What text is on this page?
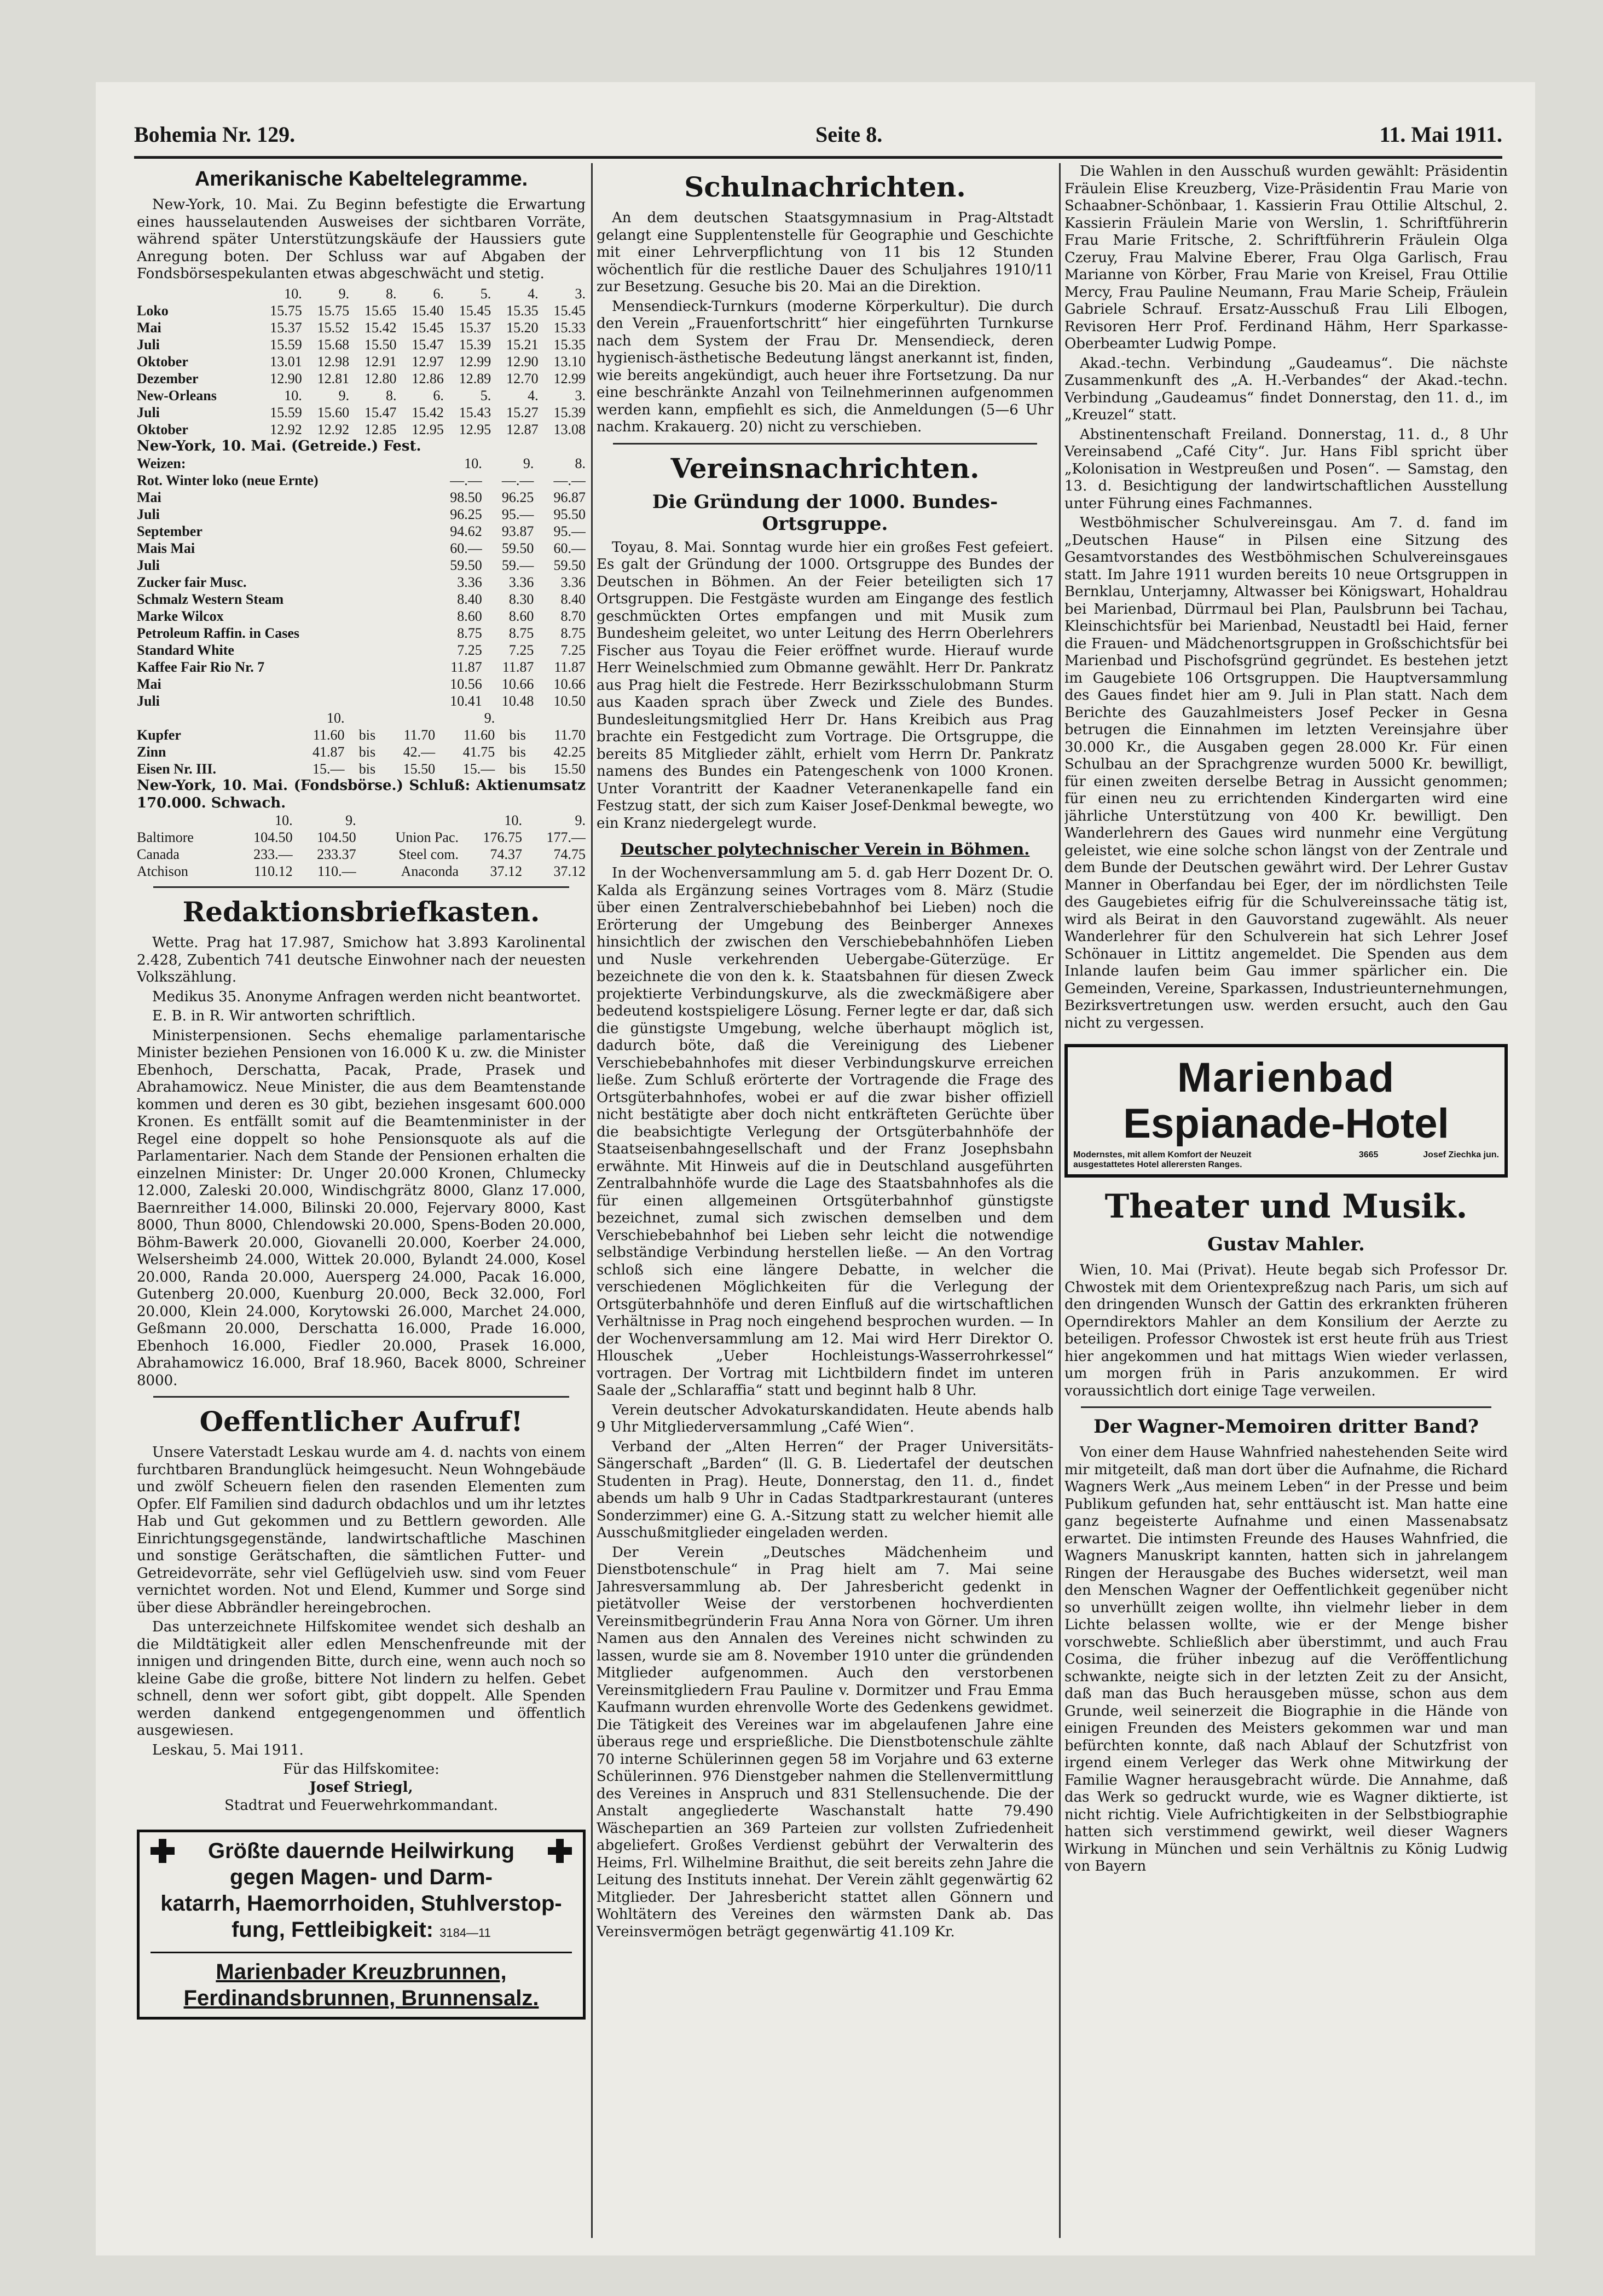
Bohemia Nr. 129.	Seite 8.	11. Mai 1911.
Amerikanische Kabeltelegramme.

New-York, 10. Mai. Zu Beginn befestigte die Erwartung eines hausselautenden Ausweises der sichtbaren Vorräte, während später Unterstützungskäufe der Haussiers gute Anregung boten. Der Schluss war auf Abgaben der Fondsbörsespekulanten etwas abgeschwächt und stetig.

	10.	9.	8.	6.	5.	4.	3.
Loko	15.75	15.75	15.65	15.40	15.45	15.35	15.45
Mai	15.37	15.52	15.42	15.45	15.37	15.20	15.33
Juli	15.59	15.68	15.50	15.47	15.39	15.21	15.35
Oktober	13.01	12.98	12.91	12.97	12.99	12.90	13.10
Dezember	12.90	12.81	12.80	12.86	12.89	12.70	12.99
New-Orleans	10.	9.	8.	6.	5.	4.	3.
Juli	15.59	15.60	15.47	15.42	15.43	15.27	15.39
Oktober	12.92	12.92	12.85	12.95	12.95	12.87	13.08
New-York, 10. Mai. (Getreide.) Fest.
Weizen:	10.	9.	8.
Rot. Winter loko (neue Ernte)	—.—	—.—	—.—
Mai	98.50	96.25	96.87
Juli	96.25	95.—	95.50
September	94.62	93.87	95.—
Mais Mai	60.—	59.50	60.—
Juli	59.50	59.—	59.50
Zucker fair Musc.	3.36	3.36	3.36
Schmalz Western Steam	8.40	8.30	8.40
Marke Wilcox	8.60	8.60	8.70
Petroleum Raffin. in Cases	8.75	8.75	8.75
Standard White	7.25	7.25	7.25
Kaffee Fair Rio Nr. 7	11.87	11.87	11.87
Mai	10.56	10.66	10.66
Juli	10.41	10.48	10.50
	10.			9.		
Kupfer	11.60	bis	11.70	11.60	bis	11.70
Zinn	41.87	bis	42.—	41.75	bis	42.25
Eisen Nr. III.	15.—	bis	15.50	15.—	bis	15.50
New-York, 10. Mai. (Fondsbörse.) Schluß: Aktienumsatz 170.000. Schwach.
	10.	9.		10.	9.
Baltimore	104.50	104.50	Union Pac.	176.75	177.—
Canada	233.—	233.37	Steel com.	74.37	74.75
Atchison	110.12	110.—	Anaconda	37.12	37.12
Redaktionsbriefkasten.

Wette. Prag hat 17.987, Smichow hat 3.893 Karolinental 2.428, Zubentich 741 deutsche Einwohner nach der neuesten Volkszählung.

Medikus 35. Anonyme Anfragen werden nicht beantwortet.

E. B. in R. Wir antworten schriftlich.

Ministerpensionen. Sechs ehemalige parlamentarische Minister beziehen Pensionen von 16.000 K u. zw. die Minister Ebenhoch, Derschatta, Pacak, Prade, Prasek und Abrahamowicz. Neue Minister, die aus dem Beamtenstande kommen und deren es 30 gibt, beziehen insgesamt 600.000 Kronen. Es entfällt somit auf die Beamtenminister in der Regel eine doppelt so hohe Pensionsquote als auf die Parlamentarier. Nach dem Stande der Pensionen erhalten die einzelnen Minister: Dr. Unger 20.000 Kronen, Chlumecky 12.000, Zaleski 20.000, Windischgrätz 8000, Glanz 17.000, Baernreither 14.000, Bilinski 20.000, Fejervary 8000, Kast 8000, Thun 8000, Chlendowski 20.000, Spens-Boden 20.000, Böhm-Bawerk 20.000, Giovanelli 20.000, Koerber 24.000, Welsersheimb 24.000, Wittek 20.000, Bylandt 24.000, Kosel 20.000, Randa 20.000, Auersperg 24.000, Pacak 16.000, Gutenberg 20.000, Kuenburg 20.000, Beck 32.000, Forl 20.000, Klein 24.000, Korytowski 26.000, Marchet 24.000, Geßmann 20.000, Derschatta 16.000, Prade 16.000, Ebenhoch 16.000, Fiedler 20.000, Prasek 16.000, Abrahamowicz 16.000, Braf 18.960, Bacek 8000, Schreiner 8000.

Oeffentlicher Aufruf!

Unsere Vaterstadt Leskau wurde am 4. d. nachts von einem furchtbaren Brandunglück heimgesucht. Neun Wohngebäude und zwölf Scheuern fielen den rasenden Elementen zum Opfer. Elf Familien sind dadurch obdachlos und um ihr letztes Hab und Gut gekommen und zu Bettlern geworden. Alle Einrichtungsgegenstände, landwirtschaftliche Maschinen und sonstige Gerätschaften, die sämtlichen Futter- und Getreidevorräte, sehr viel Geflügelvieh usw. sind vom Feuer vernichtet worden. Not und Elend, Kummer und Sorge sind über diese Abbrändler hereingebrochen.

Das unterzeichnete Hilfskomitee wendet sich deshalb an die Mildtätigkeit aller edlen Menschenfreunde mit der innigen und dringenden Bitte, durch eine, wenn auch noch so kleine Gabe die große, bittere Not lindern zu helfen. Gebet schnell, denn wer sofort gibt, gibt doppelt. Alle Spenden werden dankend entgegengenommen und öffentlich ausgewiesen.

Leskau, 5. Mai 1911.

Für das Hilfskomitee:
Josef Striegl,
Stadtrat und Feuerwehrkommandant.
Größte dauernde Heilwirkung
gegen Magen- und Darm-
katarrh, Haemorrhoiden, Stuhlverstop-
fung, Fettleibigkeit: 3184—11
Marienbader Kreuzbrunnen,
Ferdinandsbrunnen, Brunnensalz.
Schulnachrichten.

An dem deutschen Staatsgymnasium in Prag-Altstadt gelangt eine Supplentenstelle für Geographie und Geschichte mit einer Lehrverpflichtung von 11 bis 12 Stunden wöchentlich für die restliche Dauer des Schuljahres 1910/11 zur Besetzung. Gesuche bis 20. Mai an die Direktion.

Mensendieck-Turnkurs (moderne Körperkultur). Die durch den Verein „Frauenfortschritt“ hier eingeführten Turnkurse nach dem System der Frau Dr. Mensendieck, deren hygienisch-ästhetische Bedeutung längst anerkannt ist, finden, wie bereits angekündigt, auch heuer ihre Fortsetzung. Da nur eine beschränkte Anzahl von Teilnehmerinnen aufgenommen werden kann, empfiehlt es sich, die Anmeldungen (5—6 Uhr nachm. Krakauerg. 20) nicht zu verschieben.

Vereinsnachrichten.
Die Gründung der 1000. Bundes-
Ortsgruppe.

Toyau, 8. Mai. Sonntag wurde hier ein großes Fest gefeiert. Es galt der Gründung der 1000. Ortsgruppe des Bundes der Deutschen in Böhmen. An der Feier beteiligten sich 17 Ortsgruppen. Die Festgäste wurden am Eingange des festlich geschmückten Ortes empfangen und mit Musik zum Bundesheim geleitet, wo unter Leitung des Herrn Oberlehrers Fischer aus Toyau die Feier eröffnet wurde. Hierauf wurde Herr Weinelschmied zum Obmanne gewählt. Herr Dr. Pankratz aus Prag hielt die Festrede. Herr Bezirksschulobmann Sturm aus Kaaden sprach über Zweck und Ziele des Bundes. Bundesleitungsmitglied Herr Dr. Hans Kreibich aus Prag brachte ein Festgedicht zum Vortrage. Die Ortsgruppe, die bereits 85 Mitglieder zählt, erhielt vom Herrn Dr. Pankratz namens des Bundes ein Patengeschenk von 1000 Kronen. Unter Vorantritt der Kaadner Veteranenkapelle fand ein Festzug statt, der sich zum Kaiser Josef-Denkmal bewegte, wo ein Kranz niedergelegt wurde.

Deutscher polytechnischer Verein in Böhmen.

In der Wochenversammlung am 5. d. gab Herr Dozent Dr. O. Kalda als Ergänzung seines Vortrages vom 8. März (Studie über einen Zentralverschiebebahnhof bei Lieben) noch die Erörterung der Umgebung des Beinberger Annexes hinsichtlich der zwischen den Verschiebebahnhöfen Lieben und Nusle verkehrenden Uebergabe-Güterzüge. Er bezeichnete die von den k. k. Staatsbahnen für diesen Zweck projektierte Verbindungskurve, als die zweckmäßigere aber bedeutend kostspieligere Lösung. Ferner legte er dar, daß sich die günstigste Umgebung, welche überhaupt möglich ist, dadurch böte, daß die Vereinigung des Liebener Verschiebebahnhofes mit dieser Verbindungskurve erreichen ließe. Zum Schluß erörterte der Vortragende die Frage des Ortsgüterbahnhofes, wobei er auf die zwar bisher offiziell nicht bestätigte aber doch nicht entkräfteten Gerüchte über die beabsichtigte Verlegung der Ortsgüterbahnhöfe der Staatseisenbahngesellschaft und der Franz Josephsbahn erwähnte. Mit Hinweis auf die in Deutschland ausgeführten Zentralbahnhöfe wurde die Lage des Staatsbahnhofes als die für einen allgemeinen Ortsgüterbahnhof günstigste bezeichnet, zumal sich zwischen demselben und dem Verschiebebahnhof bei Lieben sehr leicht die notwendige selbständige Verbindung herstellen ließe. — An den Vortrag schloß sich eine längere Debatte, in welcher die verschiedenen Möglichkeiten für die Verlegung der Ortsgüterbahnhöfe und deren Einfluß auf die wirtschaftlichen Verhältnisse in Prag noch eingehend besprochen wurden. — In der Wochenversammlung am 12. Mai wird Herr Direktor O. Hlouschek „Ueber Hochleistungs-Wasserrohrkessel“ vortragen. Der Vortrag mit Lichtbildern findet im unteren Saale der „Schlaraffia“ statt und beginnt halb 8 Uhr.

Verein deutscher Advokaturskandidaten. Heute abends halb 9 Uhr Mitgliederversammlung „Café Wien“.

Verband der „Alten Herren“ der Prager Universitäts-Sängerschaft „Barden“ (ll. G. B. Liedertafel der deutschen Studenten in Prag). Heute, Donnerstag, den 11. d., findet abends um halb 9 Uhr in Cadas Stadtparkrestaurant (unteres Sonderzimmer) eine G. A.-Sitzung statt zu welcher hiemit alle Ausschußmitglieder eingeladen werden.

Der Verein „Deutsches Mädchenheim und Dienstbotenschule“ in Prag hielt am 7. Mai seine Jahresversammlung ab. Der Jahresbericht gedenkt in pietätvoller Weise der verstorbenen hochverdienten Vereinsmitbegründerin Frau Anna Nora von Görner. Um ihren Namen aus den Annalen des Vereines nicht schwinden zu lassen, wurde sie am 8. November 1910 unter die gründenden Mitglieder aufgenommen. Auch den verstorbenen Vereinsmitgliedern Frau Pauline v. Dormitzer und Frau Emma Kaufmann wurden ehrenvolle Worte des Gedenkens gewidmet. Die Tätigkeit des Vereines war im abgelaufenen Jahre eine überaus rege und ersprießliche. Die Dienstbotenschule zählte 70 interne Schülerinnen gegen 58 im Vorjahre und 63 externe Schülerinnen. 976 Dienstgeber nahmen die Stellenvermittlung des Vereines in Anspruch und 831 Stellensuchende. Die der Anstalt angegliederte Waschanstalt hatte 79.490 Wäschepartien an 369 Parteien zur vollsten Zufriedenheit abgeliefert. Großes Verdienst gebührt der Verwalterin des Heims, Frl. Wilhelmine Braithut, die seit bereits zehn Jahre die Leitung des Instituts innehat. Der Verein zählt gegenwärtig 62 Mitglieder. Der Jahresbericht stattet allen Gönnern und Wohltätern des Vereines den wärmsten Dank ab. Das Vereinsvermögen beträgt gegenwärtig 41.109 Kr.

Die Wahlen in den Ausschuß wurden gewählt: Präsidentin Fräulein Elise Kreuzberg, Vize-Präsidentin Frau Marie von Schaabner-Schönbaar, 1. Kassierin Frau Ottilie Altschul, 2. Kassierin Fräulein Marie von Werslin, 1. Schriftführerin Frau Marie Fritsche, 2. Schriftführerin Fräulein Olga Czeruy, Frau Malvine Eberer, Frau Olga Garlisch, Frau Marianne von Körber, Frau Marie von Kreisel, Frau Ottilie Mercy, Frau Pauline Neumann, Frau Marie Scheip, Fräulein Gabriele Schrauf. Ersatz-Ausschuß Frau Lili Elbogen, Revisoren Herr Prof. Ferdinand Hähm, Herr Sparkasse-Oberbeamter Ludwig Pompe.

Akad.-techn. Verbindung „Gaudeamus“. Die nächste Zusammenkunft des „A. H.-Verbandes“ der Akad.-techn. Verbindung „Gaudeamus“ findet Donnerstag, den 11. d., im „Kreuzel“ statt.

Abstinentenschaft Freiland. Donnerstag, 11. d., 8 Uhr Vereinsabend „Café City“. Jur. Hans Fibl spricht über „Kolonisation in Westpreußen und Posen“. — Samstag, den 13. d. Besichtigung der landwirtschaftlichen Ausstellung unter Führung eines Fachmannes.

Westböhmischer Schulvereinsgau. Am 7. d. fand im „Deutschen Hause“ in Pilsen eine Sitzung des Gesamtvorstandes des Westböhmischen Schulvereinsgaues statt. Im Jahre 1911 wurden bereits 10 neue Ortsgruppen in Bernklau, Unterjamny, Altwasser bei Königswart, Hohaldrau bei Marienbad, Dürrmaul bei Plan, Paulsbrunn bei Tachau, Kleinschichtsfür bei Marienbad, Neustadtl bei Haid, ferner die Frauen- und Mädchenortsgruppen in Großschichtsfür bei Marienbad und Pischofsgründ gegründet. Es bestehen jetzt im Gaugebiete 106 Ortsgruppen. Die Hauptversammlung des Gaues findet hier am 9. Juli in Plan statt. Nach dem Berichte des Gauzahlmeisters Josef Pecker in Gesna betrugen die Einnahmen im letzten Vereinsjahre über 30.000 Kr., die Ausgaben gegen 28.000 Kr. Für einen Schulbau an der Sprachgrenze wurden 5000 Kr. bewilligt, für einen zweiten derselbe Betrag in Aussicht genommen; für einen neu zu errichtenden Kindergarten wird eine jährliche Unterstützung von 400 Kr. bewilligt. Den Wanderlehrern des Gaues wird nunmehr eine Vergütung geleistet, wie eine solche schon längst von der Zentrale und dem Bunde der Deutschen gewährt wird. Der Lehrer Gustav Manner in Oberfandau bei Eger, der im nördlichsten Teile des Gaugebietes eifrig für die Schulvereinssache tätig ist, wird als Beirat in den Gauvorstand zugewählt. Als neuer Wanderlehrer für den Schulverein hat sich Lehrer Josef Schönauer in Littitz angemeldet. Die Spenden aus dem Inlande laufen beim Gau immer spärlicher ein. Die Gemeinden, Vereine, Sparkassen, Industrieunternehmungen, Bezirksvertretungen usw. werden ersucht, auch den Gau nicht zu vergessen.

Marienbad
Espianade-Hotel
Modernstes, mit allem Komfort der Neuzeit ausgestattetes Hotel allerersten Ranges.
3665	Josef Ziechka jun.
Theater und Musik.
Gustav Mahler.

Wien, 10. Mai (Privat). Heute begab sich Professor Dr. Chwostek mit dem Orientexpreßzug nach Paris, um sich auf den dringenden Wunsch der Gattin des erkrankten früheren Operndirektors Mahler an dem Konsilium der Aerzte zu beteiligen. Professor Chwostek ist erst heute früh aus Triest hier angekommen und hat mittags Wien wieder verlassen, um morgen früh in Paris anzukommen. Er wird voraussichtlich dort einige Tage verweilen.

Der Wagner-Memoiren dritter Band?

Von einer dem Hause Wahnfried nahestehenden Seite wird mir mitgeteilt, daß man dort über die Aufnahme, die Richard Wagners Werk „Aus meinem Leben“ in der Presse und beim Publikum gefunden hat, sehr enttäuscht ist. Man hatte eine ganz begeisterte Aufnahme und einen Massenabsatz erwartet. Die intimsten Freunde des Hauses Wahnfried, die Wagners Manuskript kannten, hatten sich in jahrelangem Ringen der Herausgabe des Buches widersetzt, weil man den Menschen Wagner der Oeffentlichkeit gegenüber nicht so unverhüllt zeigen wollte, ihn vielmehr lieber in dem Lichte belassen wollte, wie er der Menge bisher vorschwebte. Schließlich aber überstimmt, und auch Frau Cosima, die früher inbezug auf die Veröffentlichung schwankte, neigte sich in der letzten Zeit zu der Ansicht, daß man das Buch herausgeben müsse, schon aus dem Grunde, weil seinerzeit die Biographie in die Hände von einigen Freunden des Meisters gekommen war und man befürchten konnte, daß nach Ablauf der Schutzfrist von irgend einem Verleger das Werk ohne Mitwirkung der Familie Wagner herausgebracht würde. Die Annahme, daß das Werk so gedruckt wurde, wie es Wagner diktierte, ist nicht richtig. Viele Aufrichtigkeiten in der Selbstbiographie hatten sich verstimmend gewirkt, weil dieser Wagners Wirkung in München und sein Verhältnis zu König Ludwig von Bayern
